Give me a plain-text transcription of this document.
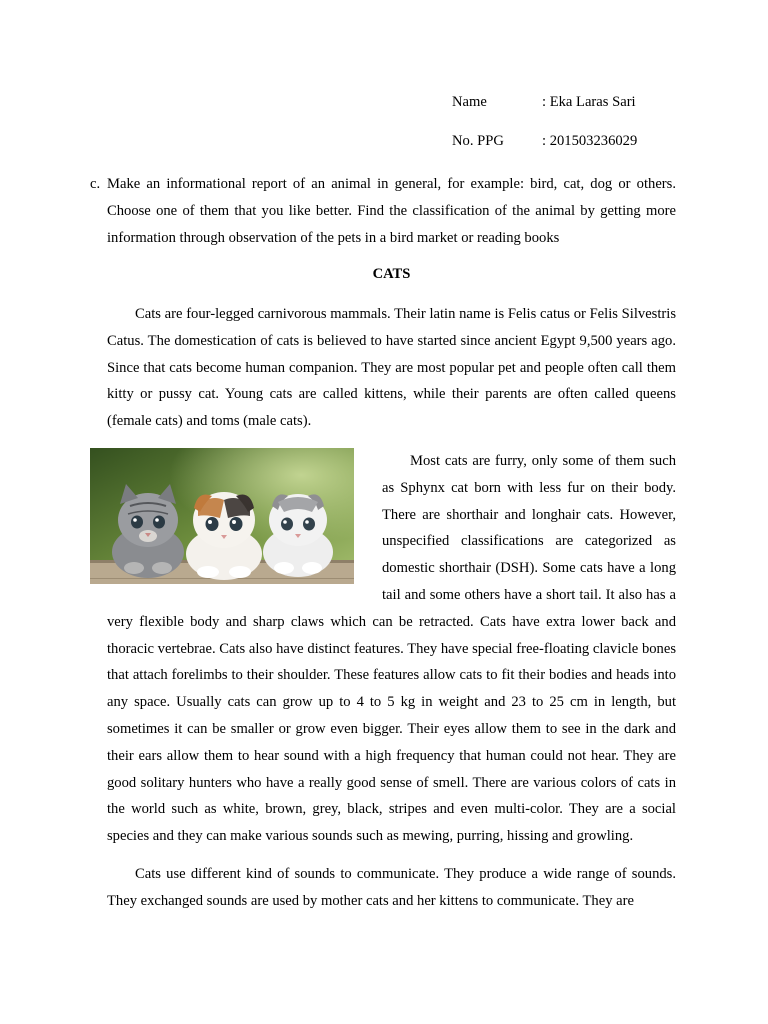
Name	: Eka Laras Sari
No. PPG	: 201503236029
c. Make an informational report of an animal in general, for example: bird, cat, dog or others. Choose one of them that you like better. Find the classification of the animal by getting more information through observation of the pets in a bird market or reading books
CATS

Cats are four-legged carnivorous mammals. Their latin name is Felis catus or Felis Silvestris Catus. The domestication of cats is believed to have started since ancient Egypt 9,500 years ago. Since that cats become human companion. They are most popular pet and people often call them kitty or pussy cat. Young cats are called kittens, while their parents are often called queens (female cats) and toms (male cats).

Most cats are furry, only some of them such as Sphynx cat born with less fur on their body. There are shorthair and longhair cats. However, unspecified classifications are categorized as domestic shorthair (DSH). Some cats have a long tail and some others have a short tail. It also has a very flexible body and sharp claws which can be retracted. Cats have extra lower back and thoracic vertebrae. Cats also have distinct features. They have special free-floating clavicle bones that attach forelimbs to their shoulder. These features allow cats to fit their bodies and heads into any space. Usually cats can grow up to 4 to 5 kg in weight and 23 to 25 cm in length, but sometimes it can be smaller or grow even bigger. Their eyes allow them to see in the dark and their ears allow them to hear sound with a high frequency that human could not hear. They are good solitary hunters who have a really good sense of smell. There are various colors of cats in the world such as white, brown, grey, black, stripes and even multi-color. They are a social species and they can make various sounds such as mewing, purring, hissing and growling.

Cats use different kind of sounds to communicate. They produce a wide range of sounds. They exchanged sounds are used by mother cats and her kittens to communicate. They are
